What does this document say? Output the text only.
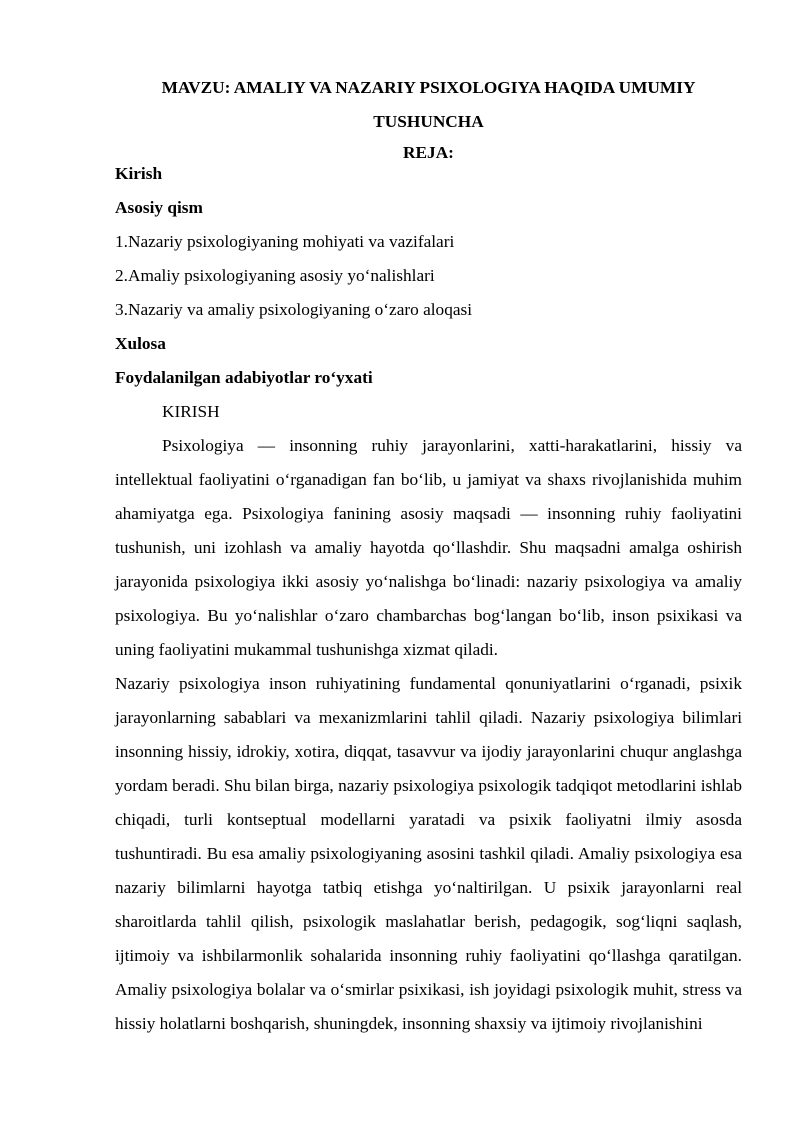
MAVZU: AMALIY VA NAZARIY PSIXOLOGIYA HAQIDA UMUMIY TUSHUNCHA
REJA:
Kirish
Asosiy qism
1.Nazariy psixologiyaning mohiyati va vazifalari
2.Amaliy psixologiyaning asosiy yo‘nalishlari
3.Nazariy va amaliy psixologiyaning o‘zaro aloqasi
Xulosa
Foydalanilgan adabiyotlar ro‘yxati
KIRISH

Psixologiya — insonning ruhiy jarayonlarini, xatti-harakatlarini, hissiy va intellektual faoliyatini o‘rganadigan fan bo‘lib, u jamiyat va shaxs rivojlanishida muhim ahamiyatga ega. Psixologiya fanining asosiy maqsadi — insonning ruhiy faoliyatini tushunish, uni izohlash va amaliy hayotda qo‘llashdir. Shu maqsadni amalga oshirish jarayonida psixologiya ikki asosiy yo‘nalishga bo‘linadi: nazariy psixologiya va amaliy psixologiya. Bu yo‘nalishlar o‘zaro chambarchas bog‘langan bo‘lib, inson psixikasi va uning faoliyatini mukammal tushunishga xizmat qiladi.

Nazariy psixologiya inson ruhiyatining fundamental qonuniyatlarini o‘rganadi, psixik jarayonlarning sabablari va mexanizmlarini tahlil qiladi. Nazariy psixologiya bilimlari insonning hissiy, idrokiy, xotira, diqqat, tasavvur va ijodiy jarayonlarini chuqur anglashga yordam beradi. Shu bilan birga, nazariy psixologiya psixologik tadqiqot metodlarini ishlab chiqadi, turli kontseptual modellarni yaratadi va psixik faoliyatni ilmiy asosda tushuntiradi. Bu esa amaliy psixologiyaning asosini tashkil qiladi. Amaliy psixologiya esa nazariy bilimlarni hayotga tatbiq etishga yo‘naltirilgan. U psixik jarayonlarni real sharoitlarda tahlil qilish, psixologik maslahatlar berish, pedagogik, sog‘liqni saqlash, ijtimoiy va ishbilarmonlik sohalarida insonning ruhiy faoliyatini qo‘llashga qaratilgan. Amaliy psixologiya bolalar va o‘smirlar psixikasi, ish joyidagi psixologik muhit, stress va hissiy holatlarni boshqarish, shuningdek, insonning shaxsiy va ijtimoiy rivojlanishini
